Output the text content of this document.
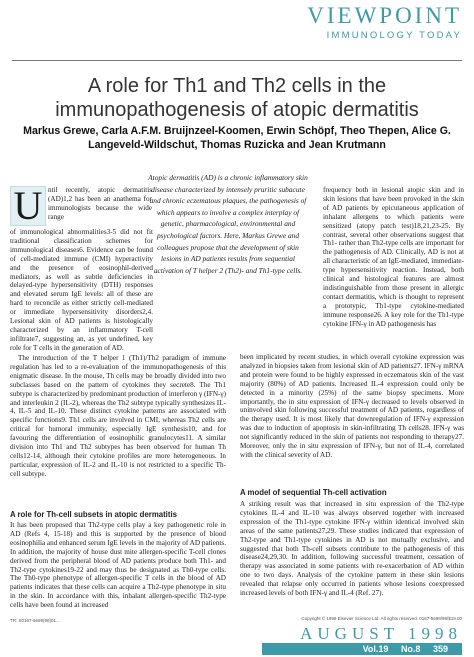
VIEWPOINT
IMMUNOLOGY TODAY
A role for Th1 and Th2 cells in the immunopathogenesis of atopic dermatitis

Markus Grewe, Carla A.F.M. Bruijnzeel-Koomen, Erwin Schöpf, Theo Thepen, Alice G. Langeveld-Wildschut, Thomas Ruzicka and Jean Krutmann

Atopic dermatitis (AD) is a chronic inflammatory skin disease characterized by intensely pruritic subacute and chronic eczematous plaques, the pathogenesis of which appears to involve a complex interplay of genetic, pharmacological, environmental and psychological factors. Here, Markus Grewe and colleagues propose that the development of skin lesions in AD patients results from sequential activation of T helper 2 (Th2)- and Th1-type cells.

U ntil recently, atopic dermatitis (AD)1,2 has been an anathema for immunologists because the wide range

of immunological abnormalities3-5 did not fit traditional classification schemes for immunological diseases6. Evidence can be found of cell-mediated immune (CMI) hyperactivity and the presence of eosinophil-derived mediators, as well as subtle deficiencies in delayed-type hypersensitivity (DTH) responses and elevated serum IgE levels: all of these are hard to reconcile as either strictly cell-mediated or immediate hypersensitivity disorders2,4. Lesional skin of AD patients is histologically characterized by an inflammatory T-cell infiltrate7, suggesting an, as yet undefined, key role for T cells in the generation of AD.

The introduction of the T helper 1 (Th1)/Th2 paradigm of immune regulation has led to a re-evaluation of the immunopathogenesis of this enigmatic disease. In the mouse, Th cells may be broadly divided into two subclasses based on the pattern of cytokines they secrete8. The Th1 subtype is characterized by predominant production of interferon γ (IFN-γ) and interleukin 2 (IL-2), whereas the Th2 subtype typically synthesizes IL-4, IL-5 and IL-10. These distinct cytokine patterns are associated with specific functions9. Th1 cells are involved in CMI, whereas Th2 cells are critical for humoral immunity, especially IgE synthesis10, and for favouring the differentiation of eosinophilic granulocytes11. A similar division into Th1 and Th2 subtypes has been observed for human Th cells12-14, although their cytokine profiles are more heterogeneous. In particular, expression of IL-2 and IL-10 is not restricted to a specific Th-cell subtype.

frequency both in lesional atopic skin and in skin lesions that have been provoked in the skin of AD patients by epicutaneous application of inhalant allergens to which patients were sensitized (atopy patch test)18,21,23-25. By contrast, several other observations suggest that Th1- rather than Th2-type cells are important for the pathogenesis of AD. Clinically, AD is not at all characteristic of an IgE-mediated, immediate-type hypersensitivity reaction. Instead, both clinical and histological features are almost indistinguishable from those present in allergic contact dermatitis, which is thought to represent a prototypic, Th1-type cytokine-mediated immune response26. A key role for the Th1-type cytokine IFN-γ in AD pathogenesis has

been implicated by recent studies, in which overall cytokine expression was analyzed in biopsies taken from lesional skin of AD patients27. IFN-γ mRNA and protein were found to be highly expressed in eczematous skin of the vast majority (80%) of AD patients. Increased IL-4 expression could only be detected in a minority (25%) of the same biopsy specimens. More importantly, the in situ expression of IFN-γ decreased to levels observed in uninvolved skin following successful treatment of AD patients, regardless of the therapy used. It is most likely that downregulation of IFN-γ expression was due to induction of apoptosis in skin-infiltrating Th cells28. IFN-γ was not significantly reduced in the skin of patients not responding to therapy27. Moreover, only the in situ expression of IFN-γ, but not of IL-4, correlated with the clinical severity of AD.

A role for Th-cell subsets in atopic dermatitis

It has been proposed that Th2-type cells play a key pathogenetic role in AD (Refs 4, 15-18) and this is supported by the presence of blood eosinophilia and enhanced serum IgE levels in the majority of AD patients. In addition, the majority of house dust mite allergen-specific T-cell clones derived from the peripheral blood of AD patients produce both Th1- and Th2-type cytokines19-22 and may thus be designated as Th0-type cells. The Th0-type phenotype of allergen-specific T cells in the blood of AD patients indicates that these cells can acquire a Th2-type phenotype in situ in the skin. In accordance with this, inhalant allergen-specific Th2-type cells have been found at increased

A model of sequential Th-cell activation

A striking result was that increased in situ expression of the Th2-type cytokines IL-4 and IL-10 was always observed together with increased expression of the Th1-type cytokine IFN-γ within identical involved skin areas of the same patients27,29. These studies indicated that expression of Th2-type and Th1-type cytokines in AD is not mutually exclusive, and suggested that both Th-cell subsets contribute to the pathogenesis of this disease24,29,30. In addition, following successful treatment, cessation of therapy was associated in some patients with re-exacerbation of AD within one to two days. Analysis of the cytokine pattern in these skin lesions revealed that relapse only occurred in patients whose lesions coexpressed increased levels of both IFN-γ and IL-4 (Ref. 27).

TR: S0167-5699(98)01...	Copyright © 1998 Elsevier Science Ltd. All rights reserved. 0167-5699/98/$19.00
AUGUST 1998
Vol.19 No.8 359
